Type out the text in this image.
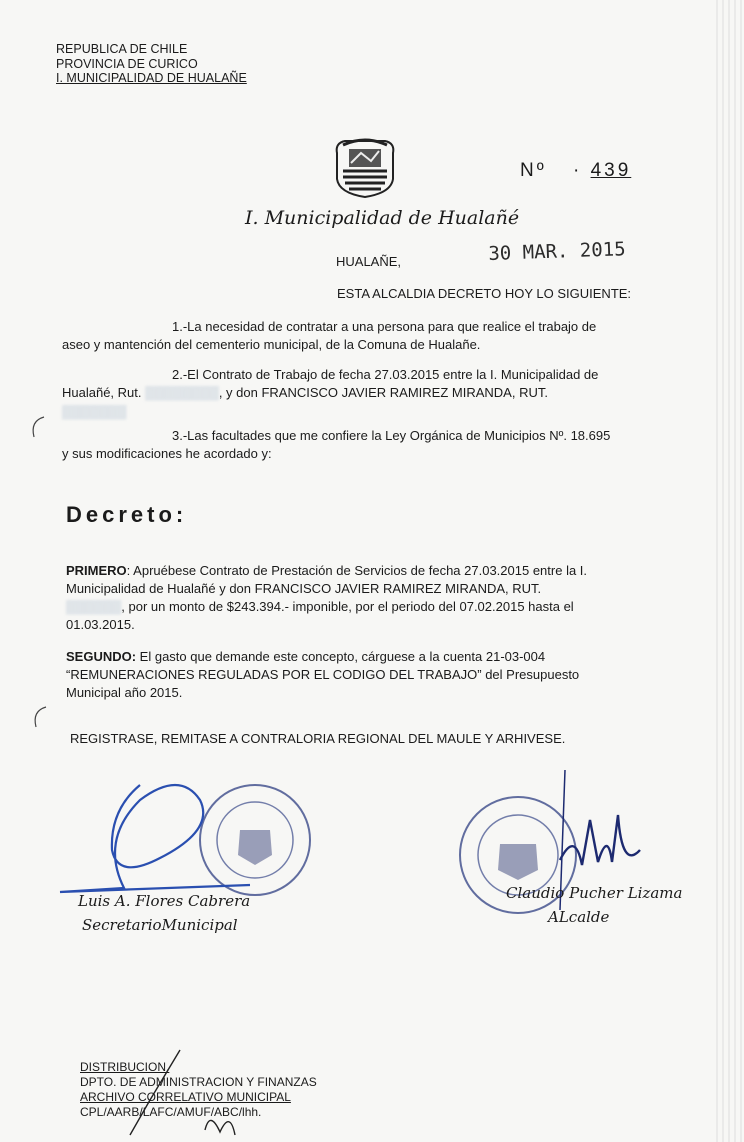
REPUBLICA DE CHILE
PROVINCIA DE CURICO
I. MUNICIPALIDAD DE HUALAÑE
Nº · 439
I. Municipalidad de Hualañé
HUALAÑE,	30 MAR. 2015
ESTA ALCALDIA DECRETO HOY LO SIGUIENTE:
1.-La necesidad de contratar a una persona para que realice el trabajo de
aseo y mantención del cementerio municipal, de la Comuna de Hualañe.
2.-El Contrato de Trabajo de fecha 27.03.2015 entre la I. Municipalidad de
Hualañé, Rut. ▒▒▒▒▒▒▒▒, y don FRANCISCO JAVIER RAMIREZ MIRANDA, RUT.
▒▒▒▒▒▒▒
3.-Las facultades que me confiere la Ley Orgánica de Municipios Nº. 18.695
y sus modificaciones he acordado y:
Decreto:
PRIMERO: Apruébese Contrato de Prestación de Servicios de fecha 27.03.2015 entre la I.
Municipalidad de Hualañé y don FRANCISCO JAVIER RAMIREZ MIRANDA, RUT.
▒▒▒▒▒▒, por un monto de $243.394.- imponible, por el periodo del 07.02.2015 hasta el
01.03.2015.
SEGUNDO: El gasto que demande este concepto, cárguese a la cuenta 21-03-004
“REMUNERACIONES REGULADAS POR EL CODIGO DEL TRABAJO” del Presupuesto
Municipal año 2015.
REGISTRASE, REMITASE A CONTRALORIA REGIONAL DEL MAULE Y ARHIVESE.
Luis A. Flores Cabrera
SecretarioMunicipal
Claudio Pucher Lizama
ALcalde
DISTRIBUCION.
DPTO. DE ADMINISTRACION Y FINANZAS
ARCHIVO CORRELATIVO MUNICIPAL
CPL/AARB/LAFC/AMUF/ABC/lhh.
